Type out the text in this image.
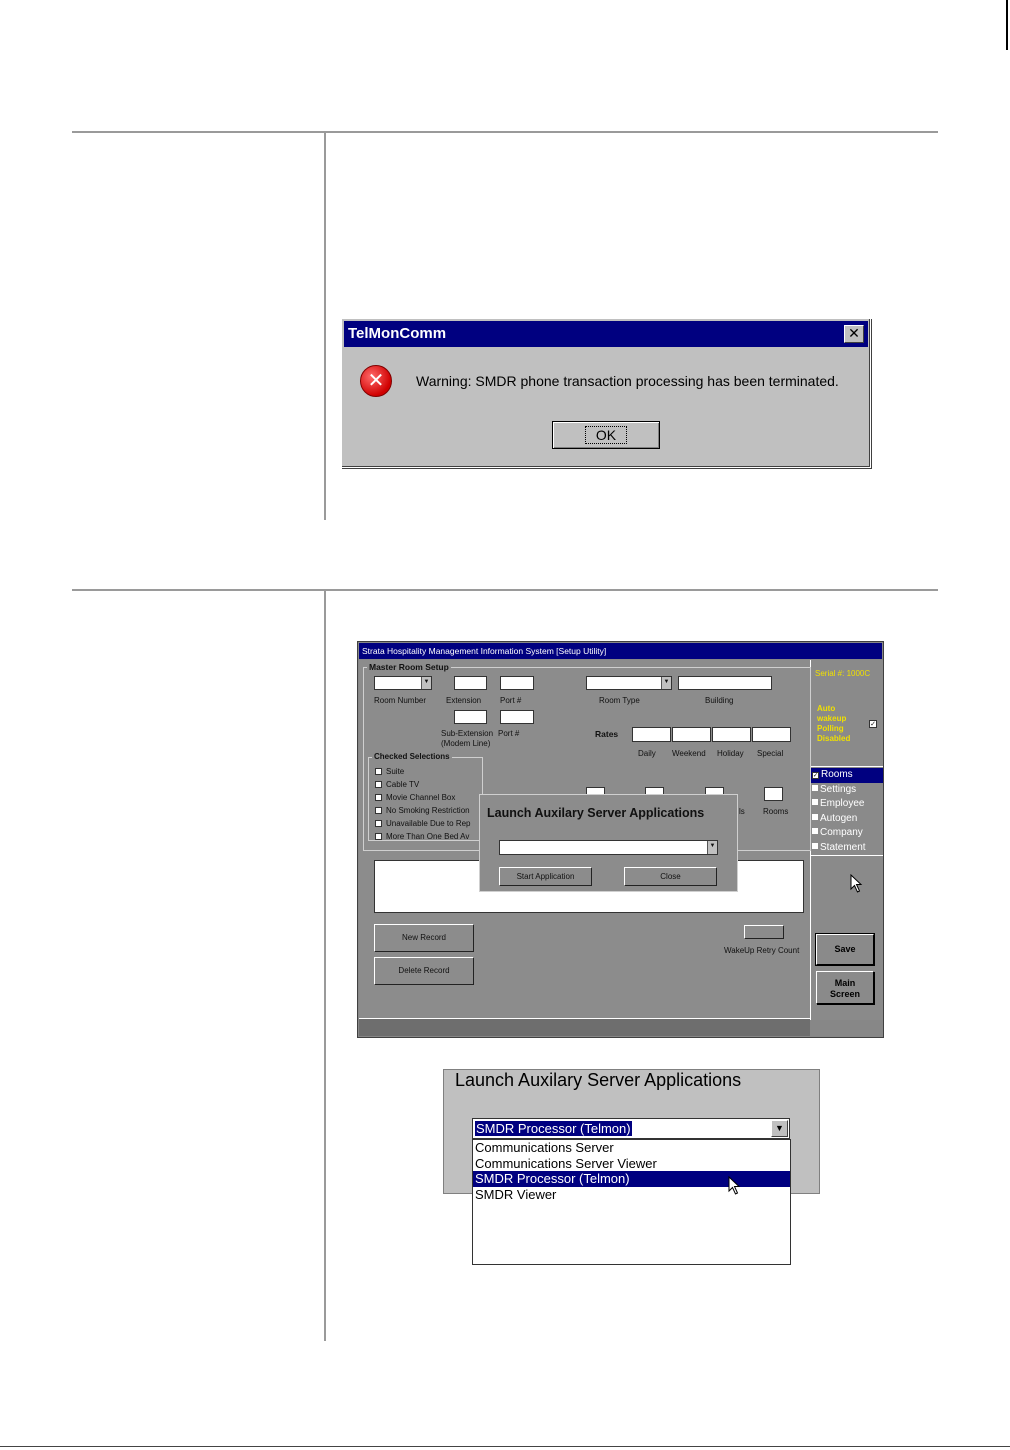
TelMonComm	✕
✕	Warning: SMDR phone transaction processing has been terminated.
OK
Strata Hospitality Management Information System [Setup Utility]
Master Room Setup
▼
Room Number Extension Port #
Sub-Extension Port #
(Modem Line)
▼
Room Type	Building
Rates
Daily Weekend Holiday Special
Checked Selections
Suite
Cable TV
Movie Channel Box
No Smoking Restriction
Unavailable Due to Rep
More Than One Bed Av
ls Rooms
New Record
Delete Record
WakeUp Retry Count
▼
Start Application	Close
Launch Auxilary Server Applications
Serial #: 1000C
Auto
wakeup
Polling
Disabled
✓
✓ Rooms
Settings
Employee
Autogen
Company
Statement
Save
Main
Screen
Launch Auxilary Server Applications
SMDR Processor (Telmon)	▼
Communications Server
Communications Server Viewer
SMDR Processor (Telmon)
SMDR Viewer
